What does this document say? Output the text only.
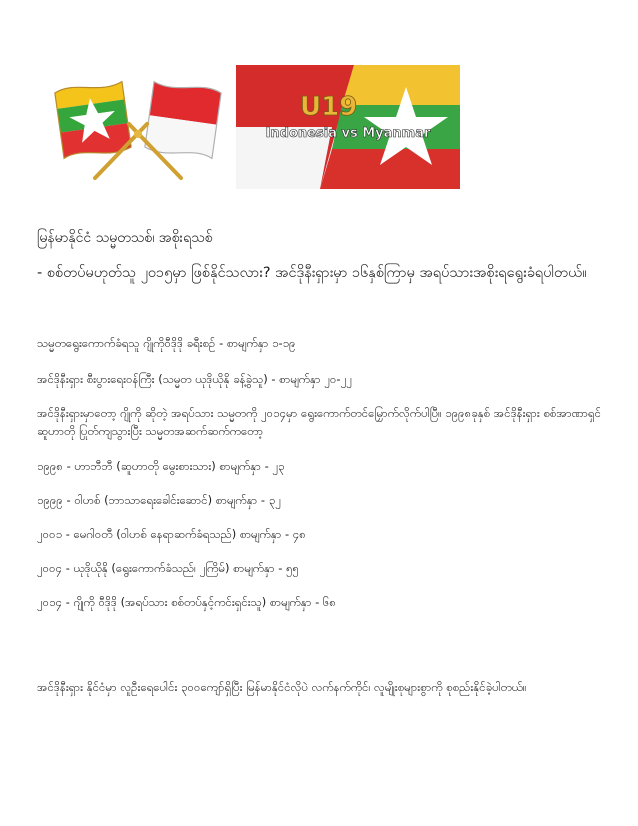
U19
Indonesia vs Myanmar

မြန်မာနိုင်ငံ သမ္မတသစ်၊ အစိုးရသစ်

- စစ်တပ်မဟုတ်သူ ၂၀၁၅မှာ ဖြစ်နိုင်သလား? အင်ဒိုနီးရှားမှာ ၁၆နှစ်ကြာမှ အရပ်သားအစိုးရရွေးခံရပါတယ်။

သမ္မတရွေးကောက်ခံရသူ ဂျိုကိုဝီဒိုဒို ခရီးစဉ် - စာမျက်နှာ ၁-၁၉

အင်ဒိုနီးရှား စီးပွားရေးဝန်ကြီး (သမ္မတ ယုဒိုယိုနို ခန့်ခွဲသူ) - စာမျက်နှာ ၂၀-၂၂

အင်ဒိုနီးရှားမှာတော့ ဂျိုကို ဆိုတဲ့ အရပ်သား သမ္မတကို ၂၀၁၄မှာ ရွေးကောက်တင်မြှောက်လိုက်ပါပြီ။ ၁၉၉၈ခုနှစ် အင်ဒိုနီးရှား စစ်အာဏာရှင် ဆူဟာတို ပြုတ်ကျသွားပြီး သမ္မတအဆက်ဆက်ကတော့

၁၉၉၈ - ဟာဘီဘီ (ဆူဟာတို မွေးစားသား) စာမျက်နှာ - ၂၃

၁၉၉၉ - ဝါဟစ် (ဘာသာရေးခေါင်းဆောင်) စာမျက်နှာ - ၃၂

၂၀၀၁ - မေဂါဝတီ (ဝါဟစ် နေရာဆက်ခံရသည်) စာမျက်နှာ - ၄၈

၂၀၀၄ - ယုဒိုယိုနို (ရွေးကောက်ခံသည်၊ ၂ကြိမ်) စာမျက်နှာ - ၅၅

၂၀၁၄ - ဂျိုကို ဝီဒိုဒို (အရပ်သား စစ်တပ်နှင့်ကင်းရှင်းသူ) စာမျက်နှာ - ၆၈

အင်ဒိုနီးရှား နိုင်ငံမှာ လူဦးရေပေါင်း ၃၀၀ကျော်ရှိပြီး မြန်မာနိုင်ငံလိုပဲ လက်နက်ကိုင်၊ လူမျိုးစုများစွာကို စုစည်းနိုင်ခဲ့ပါတယ်။
